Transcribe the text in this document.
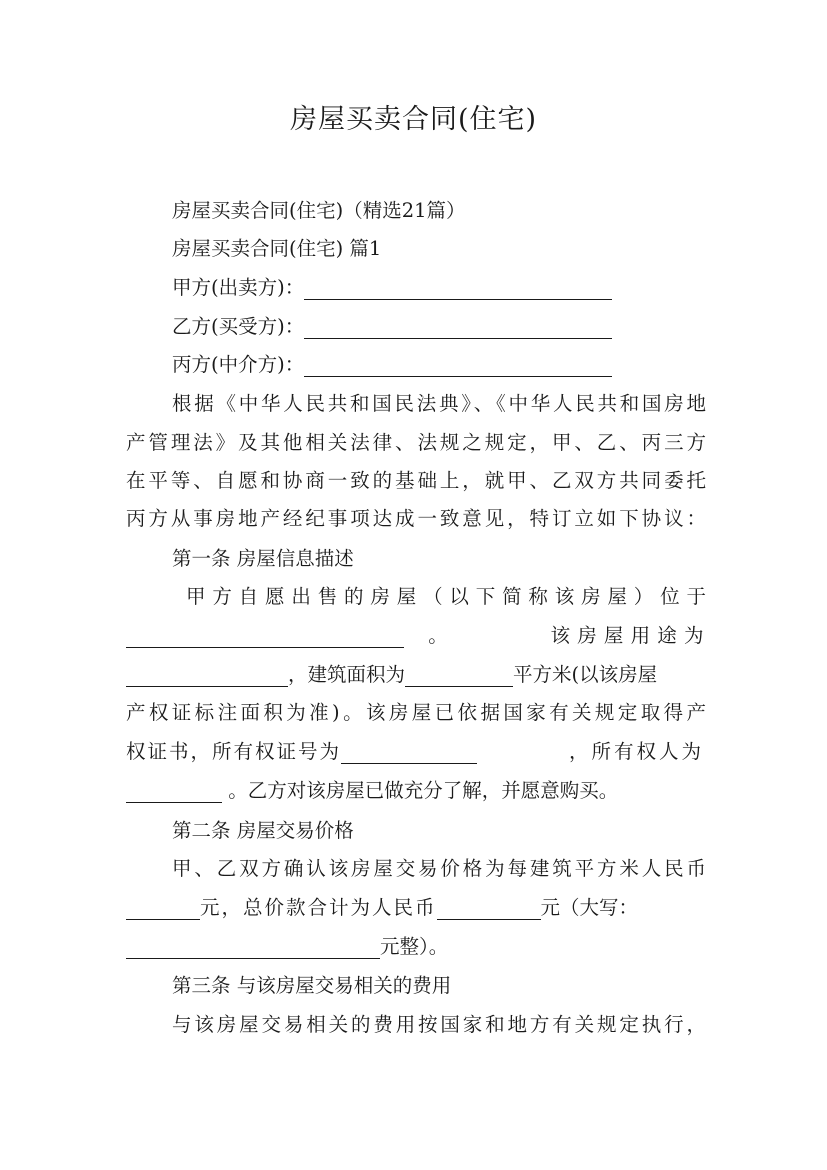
房屋买卖合同(住宅)
房屋买卖合同(住宅)（精选21篇）
房屋买卖合同(住宅) 篇1
甲方(出卖方)：
乙方(买受方)：
丙方(中介方)：
根据《中华人民共和国民法典》、《中华人民共和国房地
产管理法》及其他相关法律、法规之规定，甲、乙、丙三方
在平等、自愿和协商一致的基础上，就甲、乙双方共同委托
丙方从事房地产经纪事项达成一致意见，特订立如下协议：
第一条 房屋信息描述
甲方自愿出售的房屋（以下简称该房屋）位于
。	该 房 屋 用 途 为
，建筑面积为	平方米(以该房屋
产权证标注面积为准)。该房屋已依据国家有关规定取得产
权证书，所有权证号为	，所有权人为
。乙方对该房屋已做充分了解，并愿意购买。
第二条 房屋交易价格
甲、乙双方确认该房屋交易价格为每建筑平方米人民币
元，总价款合计为人民币	元（大写：
元整）。
第三条 与该房屋交易相关的费用
与该房屋交易相关的费用按国家和地方有关规定执行，
